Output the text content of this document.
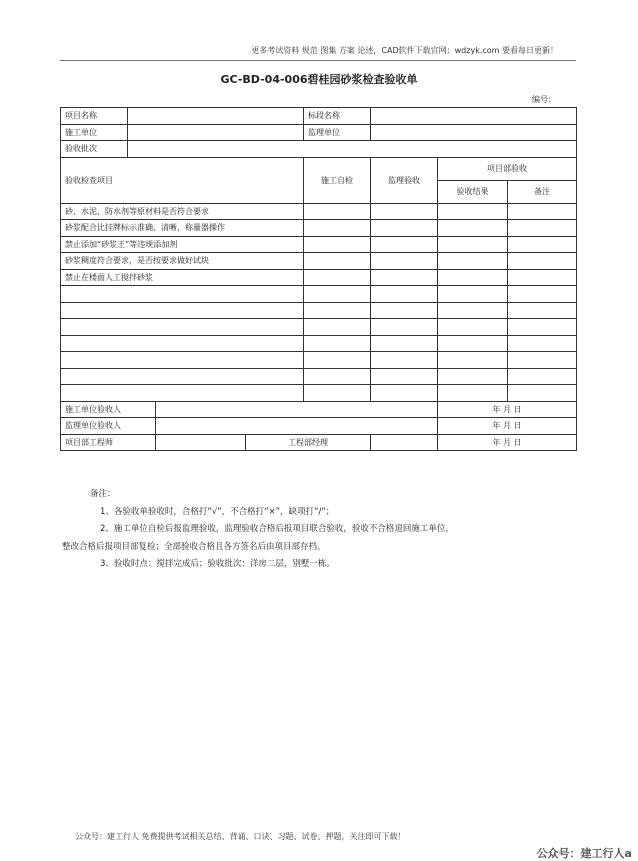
更多考试资料 规范 图集 方案 论述，CAD软件下载官网：wdzyk.com 要看每日更新！
GC-BD-04-006碧桂园砂浆检查验收单
编号：
项目名称				标段名称			
施工单位				监理单位			
验收批次							
验收检查项目				施工自检	监理验收	项目部验收	
						验收结果	备注
砂、水泥、防水剂等原材料是否符合要求							
砂浆配合比挂牌标示准确、清晰，称量器操作							
禁止添加“砂浆王”等违规添加剂							
砂浆稠度符合要求，是否按要求做好试块							
禁止在楼面人工搅拌砂浆							

施工单位验收人						年 月 日	
监理单位验收人						年 月 日	
项目部工程师			工程部经理			年 月 日	

备注：

1、各验收单验收时，合格打“√”，不合格打“×”，缺项打“/”；

2、施工单位自检后报监理验收，监理验收合格后报项目联合验收，验收不合格退回施工单位，

整改合格后报项目部复检；全部验收合格且各方签名后由项目部存档。

3、验收时点：搅拌完成后；验收批次：洋房二层，别墅一栋。

公众号：建工行人 免费提供考试相关总结、背诵、口诀、习题、试卷、押题，关注即可下载！
公众号：建工行人a
